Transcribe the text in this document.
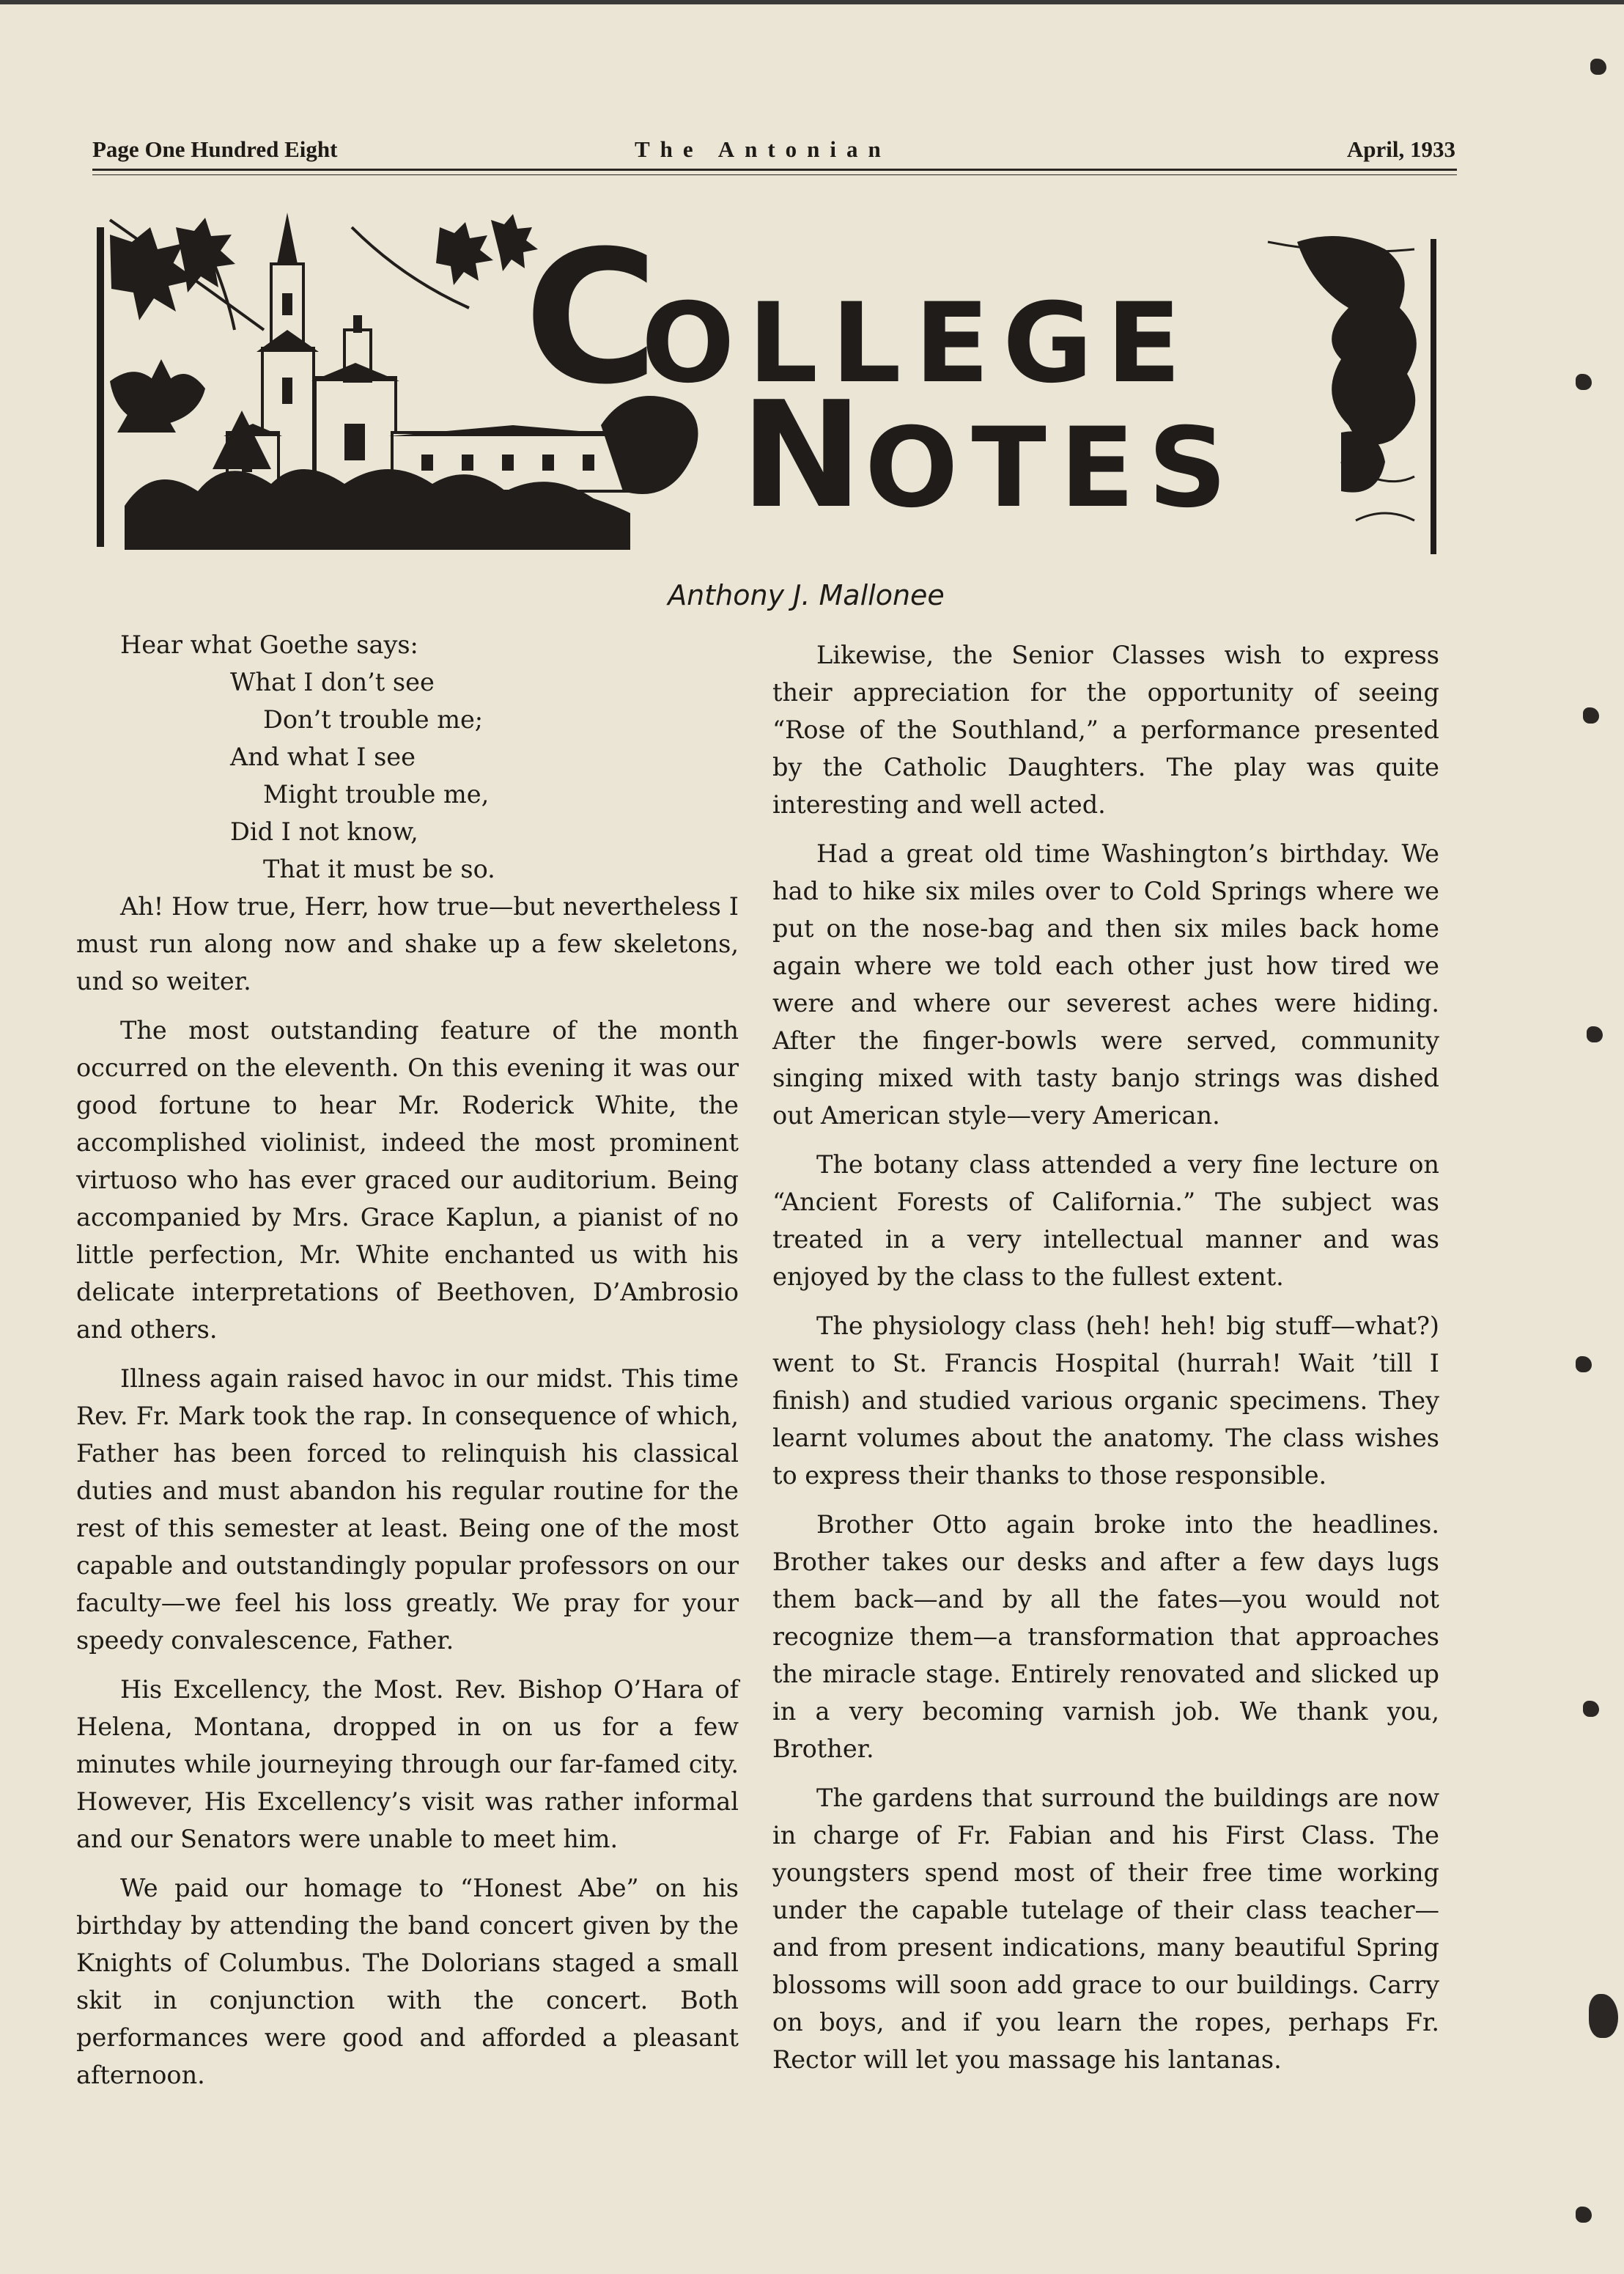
Page One Hundred Eight	The Antonian	April, 1933
C
OLLEGE
N OTES
Anthony J. Mallonee
Hear what Goethe says:
What I don’t see
Don’t trouble me;
And what I see
Might trouble me,
Did I not know,
That it must be so.

Ah! How true, Herr, how true—but nevertheless I must run along now and shake up a few skeletons, und so weiter.

The most outstanding feature of the month occurred on the eleventh. On this evening it was our good fortune to hear Mr. Roderick White, the accomplished violinist, indeed the most prominent virtuoso who has ever graced our auditorium. Being accompanied by Mrs. Grace Kaplun, a pianist of no little perfection, Mr. White enchanted us with his delicate interpretations of Beethoven, D’Ambrosio and others.

Illness again raised havoc in our midst. This time Rev. Fr. Mark took the rap. In consequence of which, Father has been forced to relinquish his classical duties and must abandon his regular routine for the rest of this semester at least. Being one of the most capable and outstandingly popular professors on our faculty—we feel his loss greatly. We pray for your speedy convalescence, Father.

His Excellency, the Most. Rev. Bishop O’Hara of Helena, Montana, dropped in on us for a few minutes while journeying through our far-famed city. However, His Excellency’s visit was rather informal and our Senators were unable to meet him.

We paid our homage to “Honest Abe” on his birthday by attending the band concert given by the Knights of Columbus. The Dolorians staged a small skit in conjunction with the concert. Both performances were good and afforded a pleasant afternoon.

Likewise, the Senior Classes wish to express their appreciation for the opportunity of seeing “Rose of the Southland,” a performance presented by the Catholic Daughters. The play was quite interesting and well acted.

Had a great old time Washington’s birthday. We had to hike six miles over to Cold Springs where we put on the nose-bag and then six miles back home again where we told each other just how tired we were and where our severest aches were hiding. After the finger-bowls were served, community singing mixed with tasty banjo strings was dished out American style—very American.

The botany class attended a very fine lecture on “Ancient Forests of California.” The subject was treated in a very intellectual manner and was enjoyed by the class to the fullest extent.

The physiology class (heh! heh! big stuff—what?) went to St. Francis Hospital (hurrah! Wait ’till I finish) and studied various organic specimens. They learnt volumes about the anatomy. The class wishes to express their thanks to those responsible.

Brother Otto again broke into the headlines. Brother takes our desks and after a few days lugs them back—and by all the fates—you would not recognize them—a transformation that approaches the miracle stage. Entirely renovated and slicked up in a very becoming varnish job. We thank you, Brother.

The gardens that surround the buildings are now in charge of Fr. Fabian and his First Class. The youngsters spend most of their free time working under the capable tutelage of their class teacher—and from present indications, many beautiful Spring blossoms will soon add grace to our buildings. Carry on boys, and if you learn the ropes, perhaps Fr. Rector will let you massage his lantanas.
